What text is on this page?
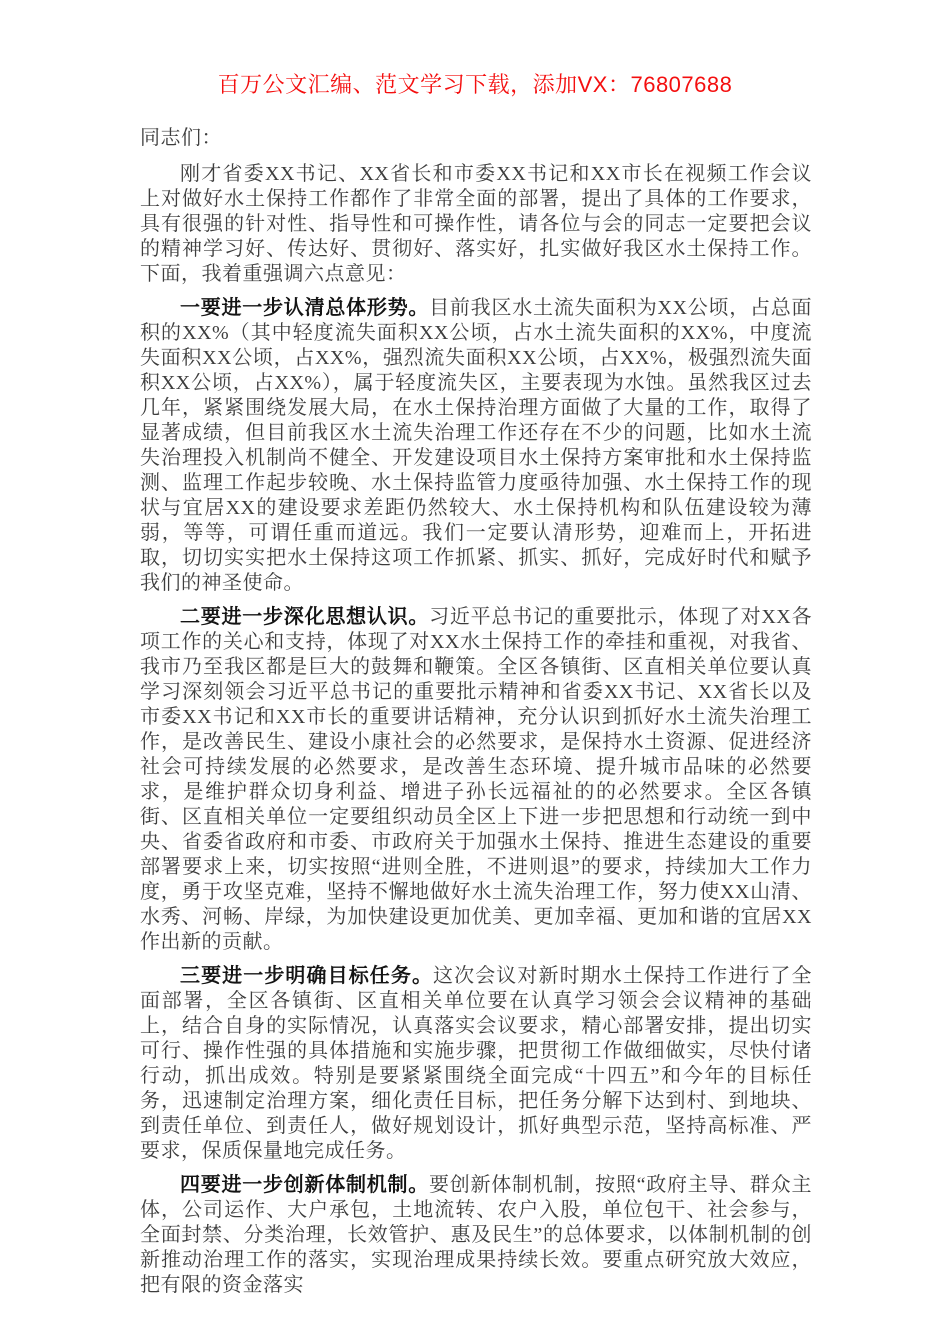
百万公文汇编、范文学习下载，添加VX：76807688

同志们：

刚才省委XX书记、XX省长和市委XX书记和XX市长在视频工作会议上对做好水土保持工作都作了非常全面的部署，提出了具体的工作要求，具有很强的针对性、指导性和可操作性，请各位与会的同志一定要把会议的精神学习好、传达好、贯彻好、落实好，扎实做好我区水土保持工作。下面，我着重强调六点意见：

一要进一步认清总体形势。目前我区水土流失面积为XX公顷，占总面积的XX%（其中轻度流失面积XX公顷，占水土流失面积的XX%，中度流失面积XX公顷，占XX%，强烈流失面积XX公顷，占XX%，极强烈流失面积XX公顷，占XX%），属于轻度流失区，主要表现为水蚀。虽然我区过去几年，紧紧围绕发展大局，在水土保持治理方面做了大量的工作，取得了显著成绩，但目前我区水土流失治理工作还存在不少的问题，比如水土流失治理投入机制尚不健全、开发建设项目水土保持方案审批和水土保持监测、监理工作起步较晚、水土保持监管力度亟待加强、水土保持工作的现状与宜居XX的建设要求差距仍然较大、水土保持机构和队伍建设较为薄弱，等等，可谓任重而道远。我们一定要认清形势，迎难而上，开拓进取，切切实实把水土保持这项工作抓紧、抓实、抓好，完成好时代和赋予我们的神圣使命。

二要进一步深化思想认识。习近平总书记的重要批示，体现了对XX各项工作的关心和支持，体现了对XX水土保持工作的牵挂和重视，对我省、我市乃至我区都是巨大的鼓舞和鞭策。全区各镇街、区直相关单位要认真学习深刻领会习近平总书记的重要批示精神和省委XX书记、XX省长以及市委XX书记和XX市长的重要讲话精神，充分认识到抓好水土流失治理工作，是改善民生、建设小康社会的必然要求，是保持水土资源、促进经济社会可持续发展的必然要求，是改善生态环境、提升城市品味的必然要求，是维护群众切身利益、增进子孙长远福祉的的必然要求。全区各镇街、区直相关单位一定要组织动员全区上下进一步把思想和行动统一到中央、省委省政府和市委、市政府关于加强水土保持、推进生态建设的重要部署要求上来，切实按照“进则全胜，不进则退”的要求，持续加大工作力度，勇于攻坚克难，坚持不懈地做好水土流失治理工作，努力使XX山清、水秀、河畅、岸绿，为加快建设更加优美、更加幸福、更加和谐的宜居XX作出新的贡献。

三要进一步明确目标任务。这次会议对新时期水土保持工作进行了全面部署，全区各镇街、区直相关单位要在认真学习领会会议精神的基础上，结合自身的实际情况，认真落实会议要求，精心部署安排，提出切实可行、操作性强的具体措施和实施步骤，把贯彻工作做细做实，尽快付诸行动，抓出成效。特别是要紧紧围绕全面完成“十四五”和今年的目标任务，迅速制定治理方案，细化责任目标，把任务分解下达到村、到地块、到责任单位、到责任人，做好规划设计，抓好典型示范，坚持高标准、严要求，保质保量地完成任务。

四要进一步创新体制机制。要创新体制机制，按照“政府主导、群众主体，公司运作、大户承包，土地流转、农户入股，单位包干、社会参与，全面封禁、分类治理，长效管护、惠及民生”的总体要求，以体制机制的创新推动治理工作的落实，实现治理成果持续长效。要重点研究放大效应，把有限的资金落实
